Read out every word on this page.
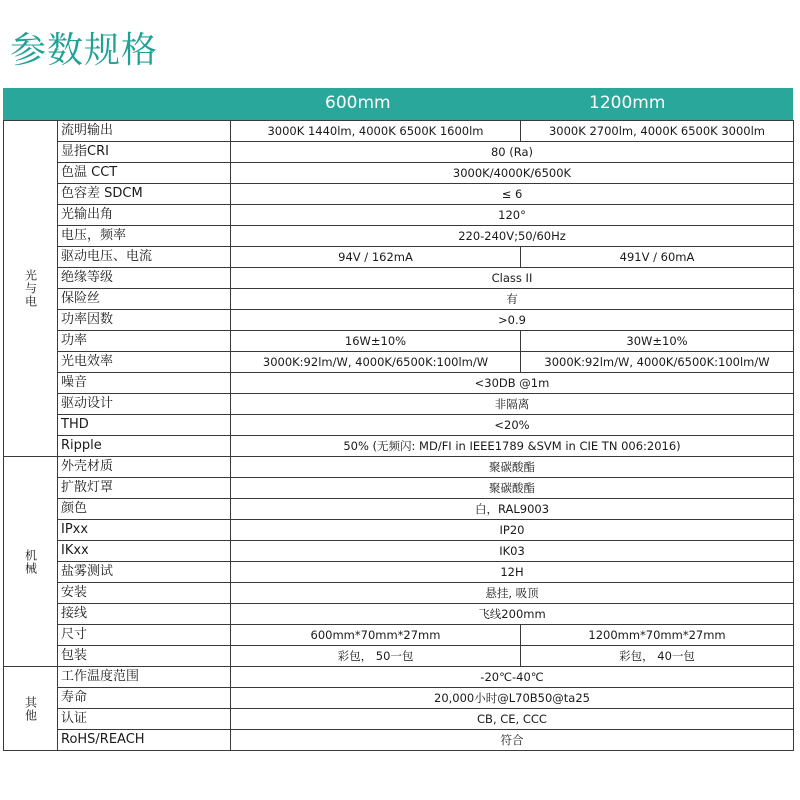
参数规格
600mm	1200mm
光与电	流明输出	3000K 1440lm, 4000K 6500K 1600lm	3000K 2700lm, 4000K 6500K 3000lm
	显指CRI	80 (Ra)	
	色温 CCT	3000K/4000K/6500K	
	色容差 SDCM	≤ 6	
	光输出角	120°	
	电压，频率	220-240V;50/60Hz	
	驱动电压、电流	94V / 162mA	491V / 60mA
	绝缘等级	Class II	
	保险丝	有	
	功率因数	>0.9	
	功率	16W±10%	30W±10%
	光电效率	3000K:92lm/W, 4000K/6500K:100lm/W	3000K:92lm/W, 4000K/6500K:100lm/W
	噪音	<30DB @1m	
	驱动设计	非隔离	
	THD	<20%	
	Ripple	50% (无频闪: MD/FI in IEEE1789 &SVM in CIE TN 006:2016)	

机械	外壳材质	聚碳酸酯	
	扩散灯罩	聚碳酸酯	
	颜色	白，RAL9003	
	IPxx	IP20	
	IKxx	IK03	
	盐雾测试	12H	
	安装	悬挂, 吸顶	
	接线	飞线200mm	
	尺寸	600mm*70mm*27mm	1200mm*70mm*27mm
	包装	彩包， 50一包	彩包， 40一包

其他	工作温度范围	-20℃-40℃	
	寿命	20,000小时@L70B50@ta25	
	认证	CB, CE, CCC	
	RoHS/REACH	符合	
